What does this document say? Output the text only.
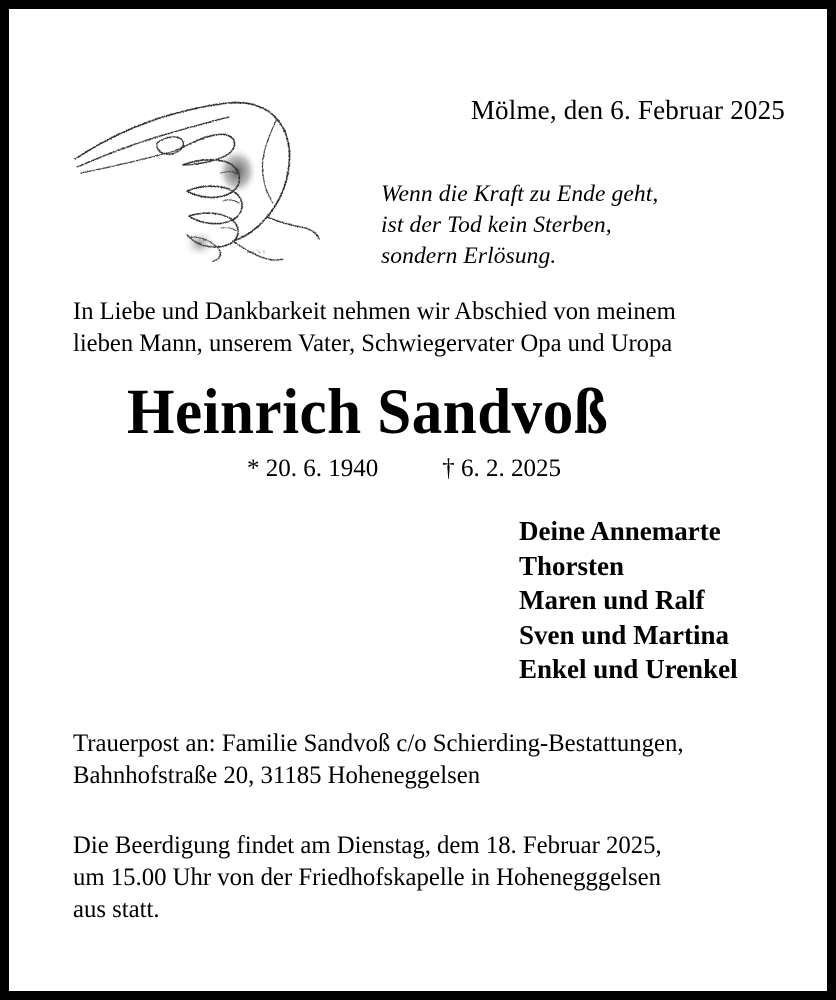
Mölme, den 6. Februar 2025
Wenn die Kraft zu Ende geht,
ist der Tod kein Sterben,
sondern Erlösung.
In Liebe und Dankbarkeit nehmen wir Abschied von meinem
lieben Mann, unserem Vater, Schwiegervater Opa und Uropa
Heinrich Sandvoß
* 20. 6. 1940	† 6. 2. 2025
Deine Annemarte
Thorsten
Maren und Ralf
Sven und Martina
Enkel und Urenkel
Trauerpost an: Familie Sandvoß c/o Schierding-Bestattungen,
Bahnhofstraße 20, 31185 Hoheneggelsen
Die Beerdigung findet am Dienstag, dem 18. Februar 2025,
um 15.00 Uhr von der Friedhofskapelle in Hohenegggelsen
aus statt.
